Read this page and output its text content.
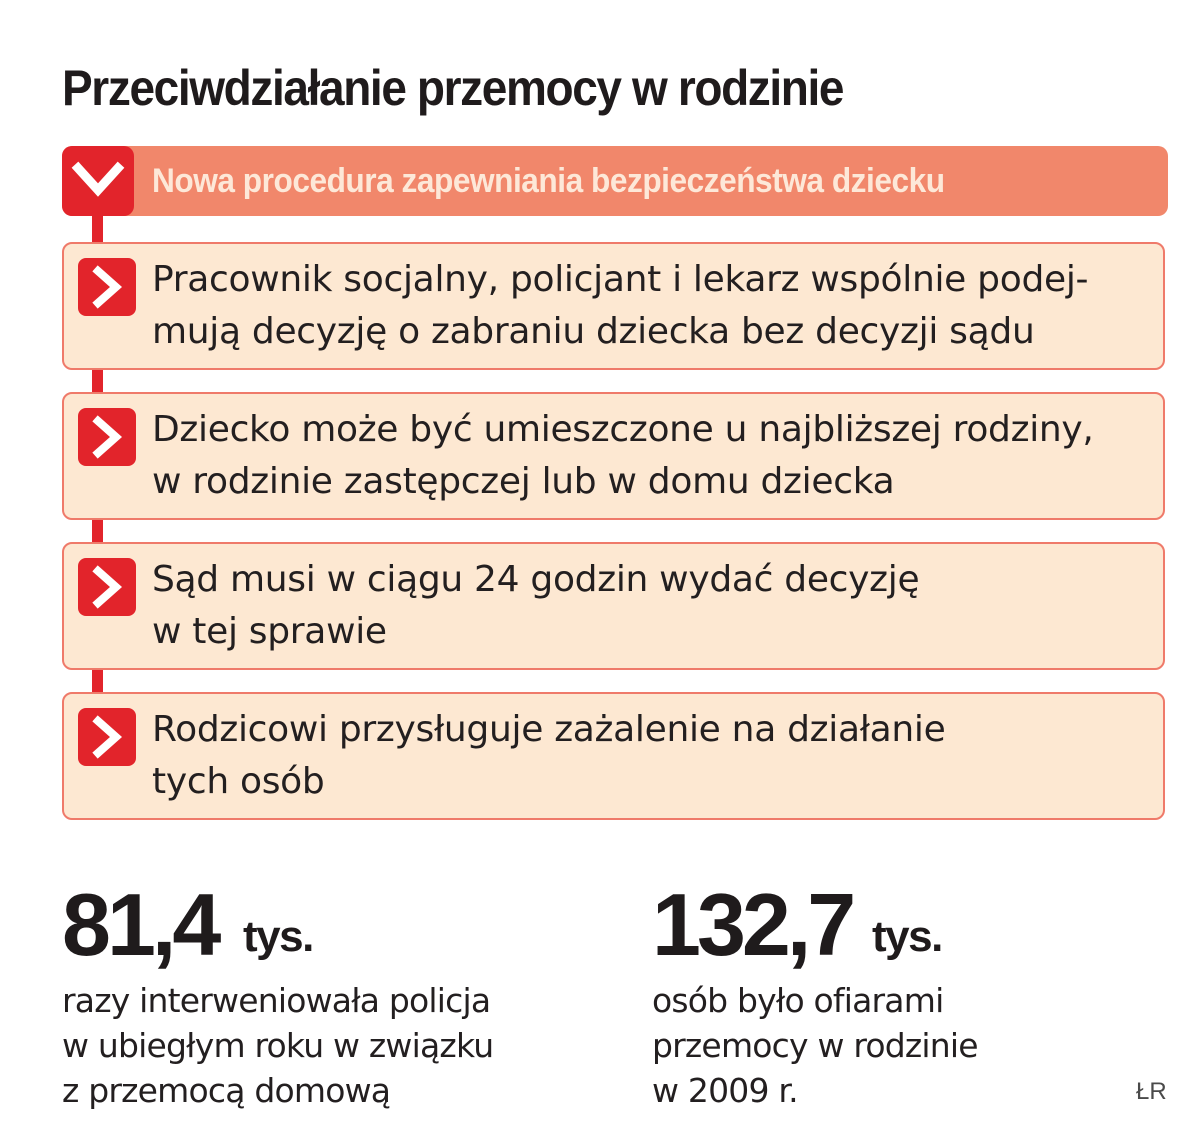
Przeciwdziałanie przemocy w rodzinie
Nowa procedura zapewniania bezpieczeństwa dziecku
Pracownik socjalny, policjant i lekarz wspólnie podej-
mują decyzję o zabraniu dziecka bez decyzji sądu
Dziecko może być umieszczone u najbliższej rodziny,
w rodzinie zastępczej lub w domu dziecka
Sąd musi w ciągu 24 godzin wydać decyzję
w tej sprawie
Rodzicowi przysługuje zażalenie na działanie
tych osób
81,4 tys.
razy interweniowała policja
w ubiegłym roku w związku
z przemocą domową
132,7 tys.
osób było ofiarami
przemocy w rodzinie
w 2009 r.	ŁR
